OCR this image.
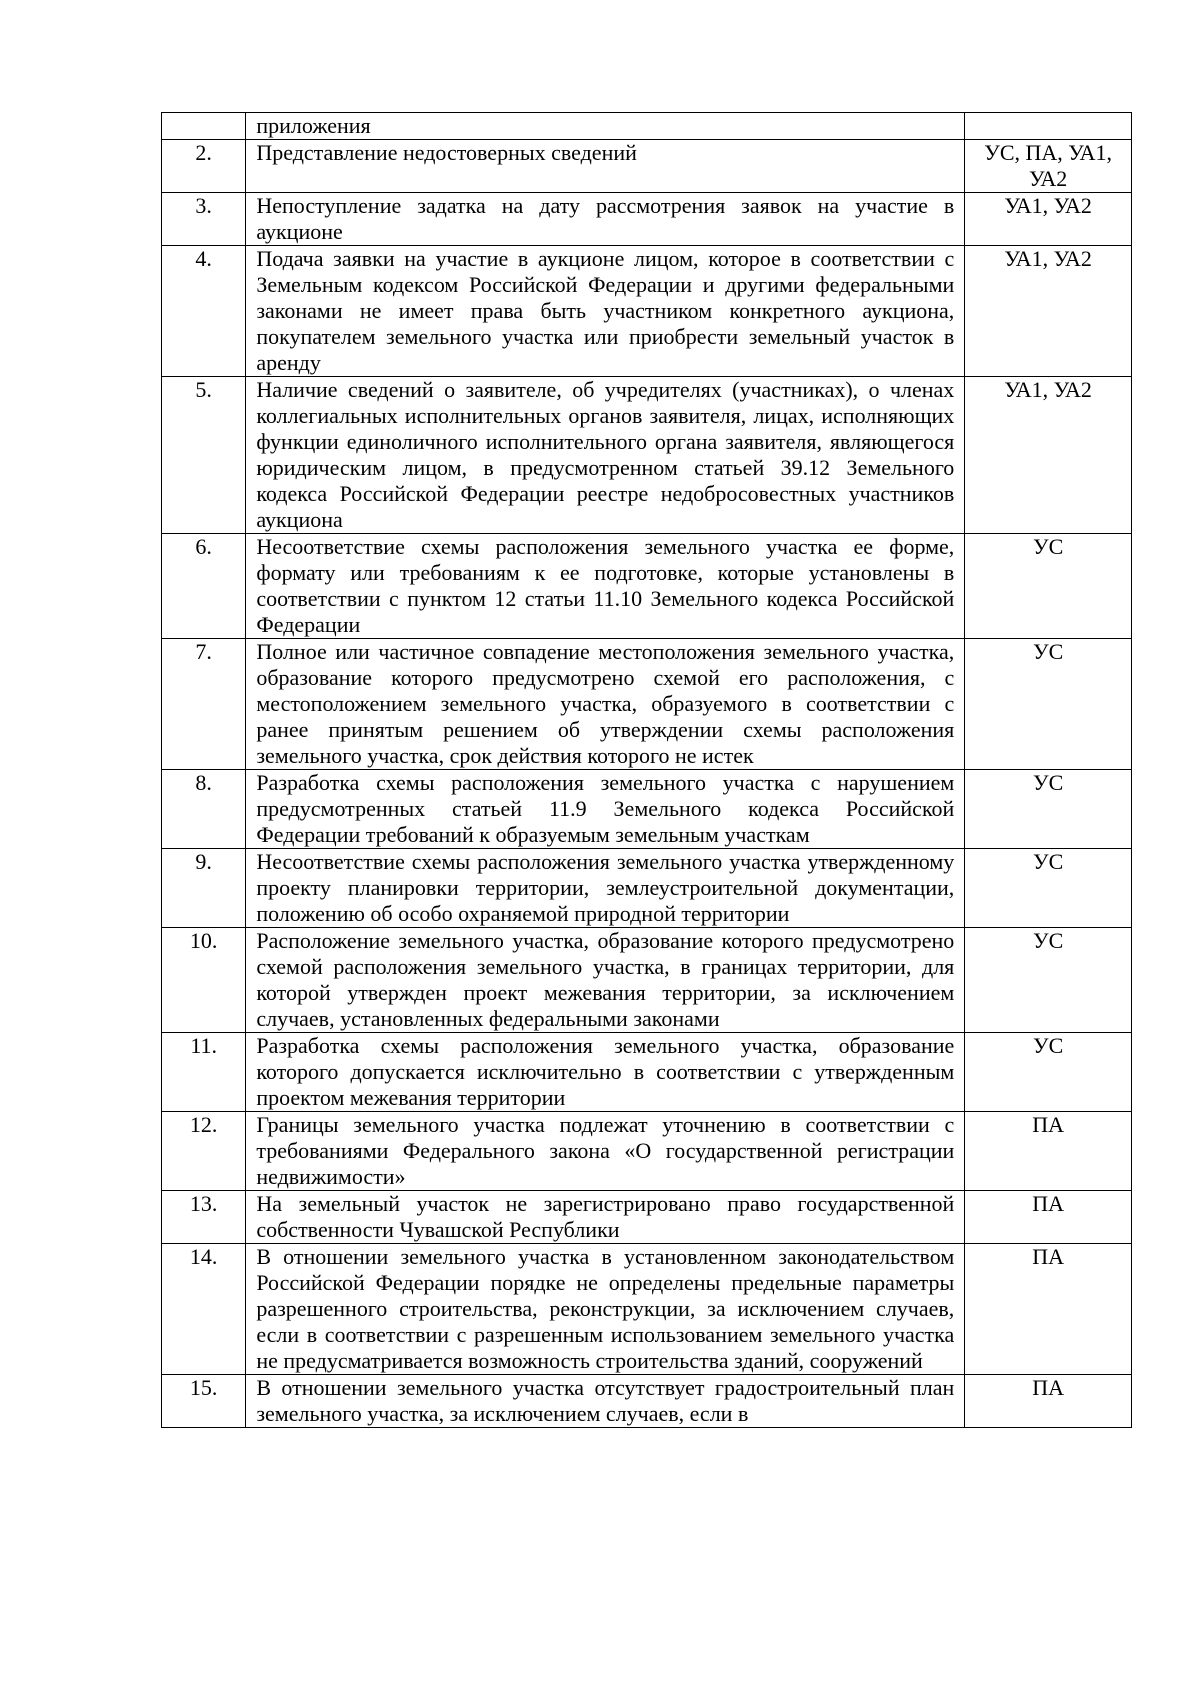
	приложения	
2.	Представление недостоверных сведений	УС, ПА, УА1, УА2
3.	Непоступление задатка на дату рассмотрения заявок на участие в аукционе	УА1, УА2
4.	Подача заявки на участие в аукционе лицом, которое в соответствии с Земельным кодексом Российской Федерации и другими федеральными законами не имеет права быть участником конкретного аукциона, покупателем земельного участка или приобрести земельный участок в аренду	УА1, УА2
5.	Наличие сведений о заявителе, об учредителях (участниках), о членах коллегиальных исполнительных органов заявителя, лицах, исполняющих функции единоличного исполнительного органа заявителя, являющегося юридическим лицом, в предусмотренном статьей 39.12 Земельного кодекса Российской Федерации реестре недобросовестных участников аукциона	УА1, УА2
6.	Несоответствие схемы расположения земельного участка ее форме, формату или требованиям к ее подготовке, которые установлены в соответствии с пунктом 12 статьи 11.10 Земельного кодекса Российской Федерации	УС
7.	Полное или частичное совпадение местоположения земельного участка, образование которого предусмотрено схемой его расположения, с местоположением земельного участка, образуемого в соответствии с ранее принятым решением об утверждении схемы расположения земельного участка, срок действия которого не истек	УС
8.	Разработка схемы расположения земельного участка с нарушением предусмотренных статьей 11.9 Земельного кодекса Российской Федерации требований к образуемым земельным участкам	УС
9.	Несоответствие схемы расположения земельного участка утвержденному проекту планировки территории, землеустроительной документации, положению об особо охраняемой природной территории	УС
10.	Расположение земельного участка, образование которого предусмотрено схемой расположения земельного участка, в границах территории, для которой утвержден проект межевания территории, за исключением случаев, установленных федеральными законами	УС
11.	Разработка схемы расположения земельного участка, образование которого допускается исключительно в соответствии с утвержденным проектом межевания территории	УС
12.	Границы земельного участка подлежат уточнению в соответствии с требованиями Федерального закона «О государственной регистрации недвижимости»	ПА
13.	На земельный участок не зарегистрировано право государственной собственности Чувашской Республики	ПА
14.	В отношении земельного участка в установленном законодательством Российской Федерации порядке не определены предельные параметры разрешенного строительства, реконструкции, за исключением случаев, если в соответствии с разрешенным использованием земельного участка не предусматривается возможность строительства зданий, сооружений	ПА
15.	В отношении земельного участка отсутствует градостроительный план земельного участка, за исключением случаев, если в	ПА
